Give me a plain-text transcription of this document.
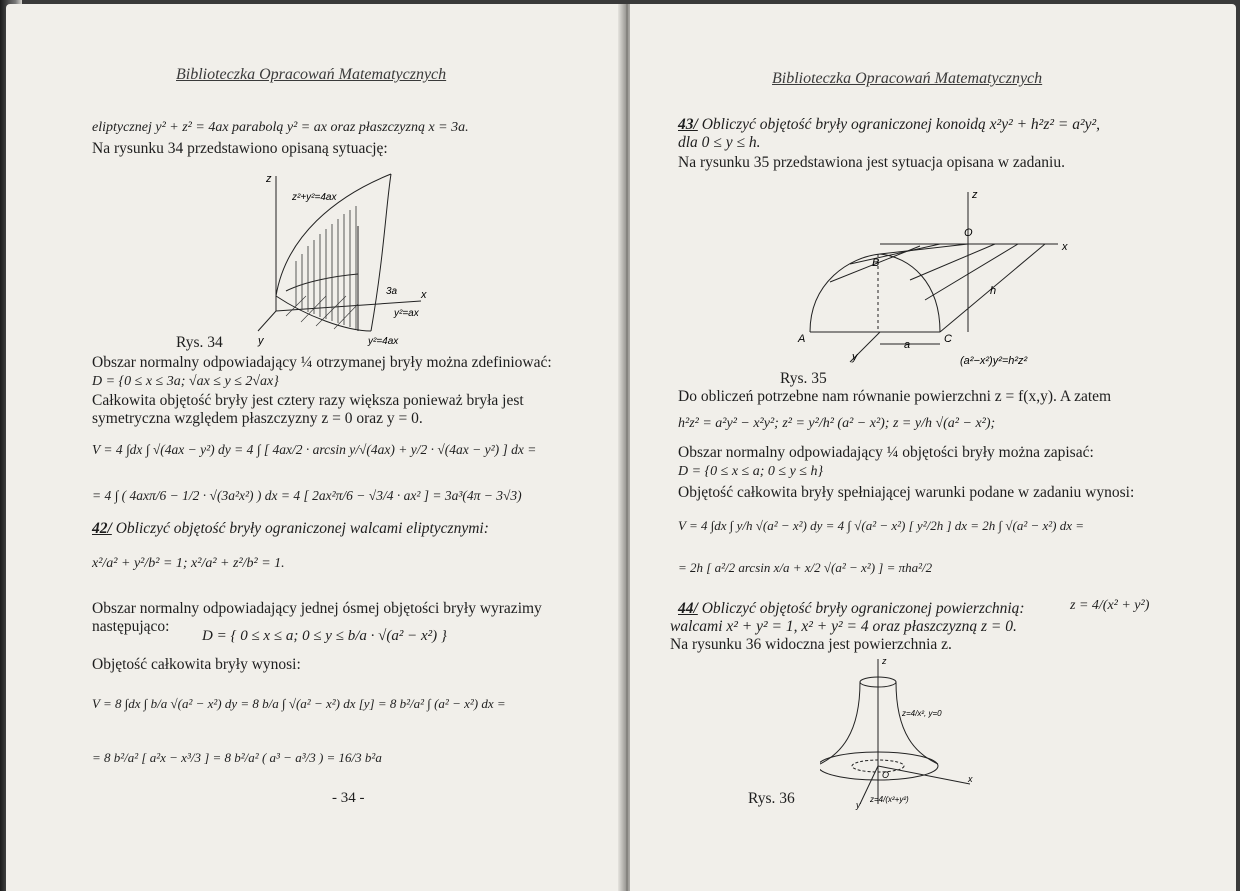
Biblioteczka Opracowań Matematycznych
eliptycznej y² + z² = 4ax parabolą y² = ax oraz płaszczyzną x = 3a.
Na rysunku 34 przedstawiono opisaną sytuację:
z
y
x
z²+y²=4ax
3a
y²=ax
y²=4ax
Rys. 34
Obszar normalny odpowiadający ¼ otrzymanej bryły można zdefiniować:
D = {0 ≤ x ≤ 3a; √ax ≤ y ≤ 2√ax}
Całkowita objętość bryły jest cztery razy większa ponieważ bryła jest
symetryczna względem płaszczyzny z = 0 oraz y = 0.
V = 4 ∫dx ∫ √(4ax − y²) dy = 4 ∫ [ 4ax/2 · arcsin y/√(4ax) + y/2 · √(4ax − y²) ] dx =
= 4 ∫ ( 4axπ/6 − 1/2 · √(3a²x²) ) dx = 4 [ 2ax²π/6 − √3/4 · ax² ] = 3a³(4π − 3√3)
42/ Obliczyć objętość bryły ograniczonej walcami eliptycznymi:
x²/a² + y²/b² = 1; x²/a² + z²/b² = 1.
Obszar normalny odpowiadający jednej ósmej objętości bryły wyrazimy
następująco:
D = { 0 ≤ x ≤ a; 0 ≤ y ≤ b/a · √(a² − x²) }
Objętość całkowita bryły wynosi:
V = 8 ∫dx ∫ b/a √(a² − x²) dy = 8 b/a ∫ √(a² − x²) dx [y] = 8 b²/a² ∫ (a² − x²) dx =
= 8 b²/a² [ a²x − x³/3 ] = 8 b²/a² ( a³ − a³/3 ) = 16/3 b²a
- 34 -
Biblioteczka Opracowań Matematycznych
43/ Obliczyć objętość bryły ograniczonej konoidą x²y² + h²z² = a²y²,
dla 0 ≤ y ≤ h.
Na rysunku 35 przedstawiona jest sytuacja opisana w zadaniu.
z
x
y
O
B
A	C
h
a
(a²−x²)y²=h²z²
Rys. 35
Do obliczeń potrzebne nam równanie powierzchni z = f(x,y). A zatem
h²z² = a²y² − x²y²; z² = y²/h² (a² − x²); z = y/h √(a² − x²);
Obszar normalny odpowiadający ¼ objętości bryły można zapisać:
D = {0 ≤ x ≤ a; 0 ≤ y ≤ h}
Objętość całkowita bryły spełniającej warunki podane w zadaniu wynosi:
V = 4 ∫dx ∫ y/h √(a² − x²) dy = 4 ∫ √(a² − x²) [ y²/2h ] dx = 2h ∫ √(a² − x²) dx =
= 2h [ a²/2 arcsin x/a + x/2 √(a² − x²) ] = πha²/2
44/ Obliczyć objętość bryły ograniczonej powierzchnią:	z = 4/(x² + y²)
walcami x² + y² = 1, x² + y² = 4 oraz płaszczyzną z = 0.
Na rysunku 36 widoczna jest powierzchnia z.
z
x
y
O
z=4/x², y=0
z=4/(x²+y²)
Rys. 36
